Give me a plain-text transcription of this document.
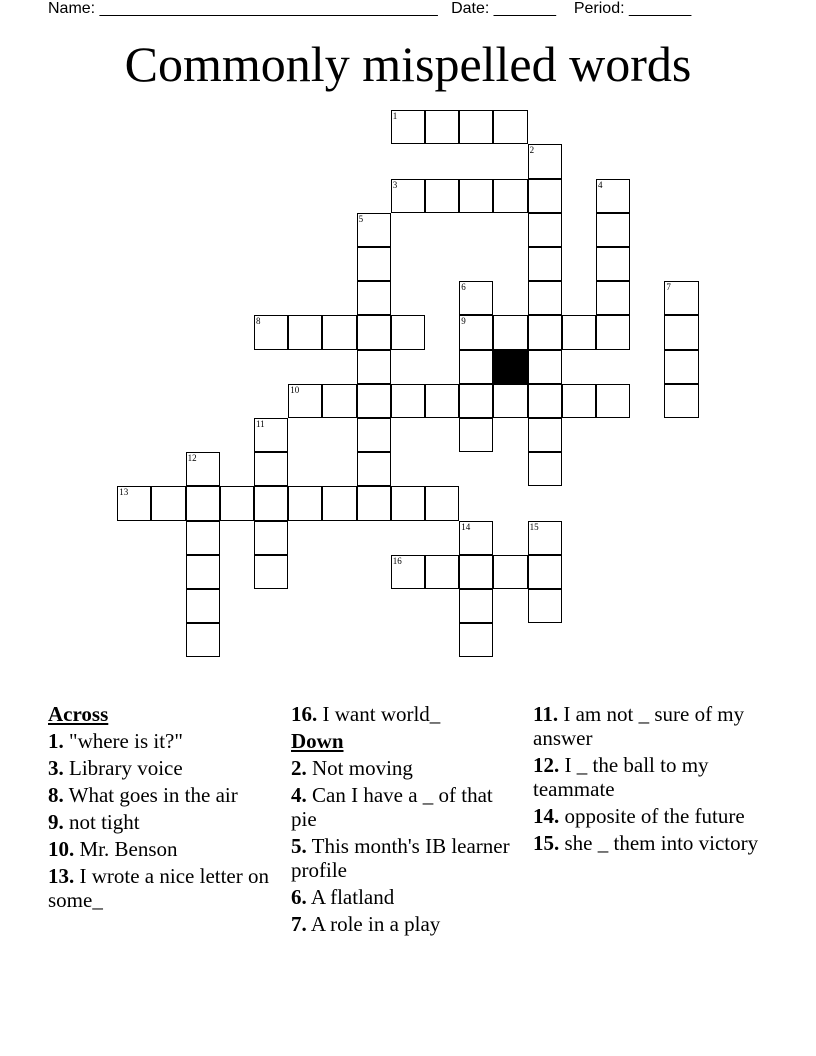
Name: ______________________________________ Date: _______ Period: _______
Commonly mispelled words
1
3
8	9
10
13
16
2
4
5
6	7
11
12
14	15
Across
1. "where is it?"
3. Library voice
8. What goes in the air
9. not tight
10. Mr. Benson
13. I wrote a nice letter on some_
16. I want world_
Down
2. Not moving
4. Can I have a _ of that pie
5. This month's IB learner profile
6. A flatland
7. A role in a play
11. I am not _ sure of my answer
12. I _ the ball to my teammate
14. opposite of the future
15. she _ them into victory
